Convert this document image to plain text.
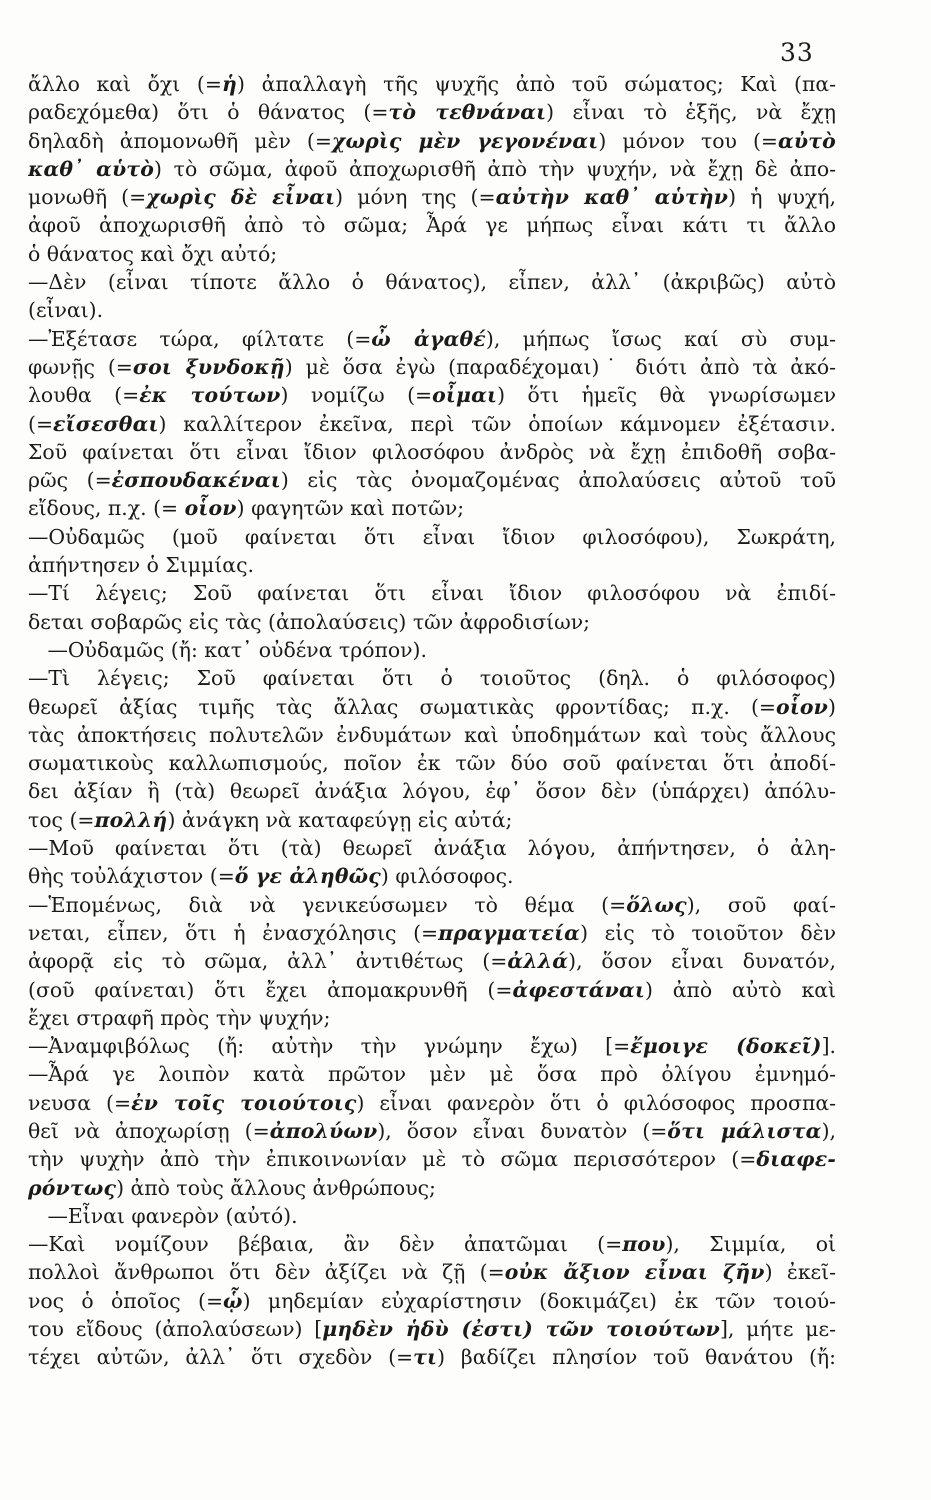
33
ἄλλο καὶ ὄχι (=ἡ) ἀπαλλαγὴ τῆς ψυχῆς ἀπὸ τοῦ σώματος; Καὶ (πα-
ραδεχόμεθα) ὅτι ὁ θάνατος (=τὸ τεθνάναι) εἶναι τὸ ἑξῆς, νὰ ἔχῃ
δηλαδὴ ἀπομονωθῆ μὲν (=χωρὶς μὲν γεγονέναι) μόνον του (=αὐτὸ
καθ᾽ αὑτὸ) τὸ σῶμα, ἀφοῦ ἀποχωρισθῆ ἀπὸ τὴν ψυχήν, νὰ ἔχῃ δὲ ἀπο-
μονωθῆ (=χωρὶς δὲ εἶναι) μόνη της (=αὐτὴν καθ᾽ αὑτὴν) ἡ ψυχή,
ἀφοῦ ἀποχωρισθῆ ἀπὸ τὸ σῶμα; Ἆρά γε μήπως εἶναι κάτι τι ἄλλο
ὁ θάνατος καὶ ὄχι αὐτό;
—Δὲν (εἶναι τίποτε ἄλλο ὁ θάνατος), εἶπεν, ἀλλ᾽ (ἀκριβῶς) αὐτὸ
(εἶναι).
—Ἐξέτασε τώρα, φίλτατε (=ὦ ἀγαθέ), μήπως ἴσως καί σὺ συμ-
φωνῇς (=σοι ξυνδοκῇ) μὲ ὅσα ἐγὼ (παραδέχομαι)˙ διότι ἀπὸ τὰ ἀκό-
λουθα (=ἐκ τούτων) νομίζω (=οἶμαι) ὅτι ἡμεῖς θὰ γνωρίσωμεν
(=εἴσεσθαι) καλλίτερον ἐκεῖνα, περὶ τῶν ὁποίων κάμνομεν ἐξέτασιν.
Σοῦ φαίνεται ὅτι εἶναι ἴδιον φιλοσόφου ἀνδρὸς νὰ ἔχῃ ἐπιδοθῆ σοβα-
ρῶς (=ἐσπουδακέναι) εἰς τὰς ὀνομαζομένας ἀπολαύσεις αὐτοῦ τοῦ
εἴδους, π.χ. (= οἷον) φαγητῶν καὶ ποτῶν;
—Οὐδαμῶς (μοῦ φαίνεται ὅτι εἶναι ἴδιον φιλοσόφου), Σωκράτη,
ἀπήντησεν ὁ Σιμμίας.
—Τί λέγεις; Σοῦ φαίνεται ὅτι εἶναι ἴδιον φιλοσόφου νὰ ἐπιδί-
δεται σοβαρῶς εἰς τὰς (ἀπολαύσεις) τῶν ἀφροδισίων;
—Οὐδαμῶς (ἤ: κατ᾽ οὐδένα τρόπον).
—Τὶ λέγεις; Σοῦ φαίνεται ὅτι ὁ τοιοῦτος (δηλ. ὁ φιλόσοφος)
θεωρεῖ ἀξίας τιμῆς τὰς ἄλλας σωματικὰς φροντίδας; π.χ. (=οἷον)
τὰς ἀποκτήσεις πολυτελῶν ἐνδυμάτων καὶ ὑποδημάτων καὶ τοὺς ἄλλους
σωματικοὺς καλλωπισμούς, ποῖον ἐκ τῶν δύο σοῦ φαίνεται ὅτι ἀποδί-
δει ἀξίαν ἢ (τὰ) θεωρεῖ ἀνάξια λόγου, ἐφ᾽ ὅσον δὲν (ὑπάρχει) ἀπόλυ-
τος (=πολλή) ἀνάγκη νὰ καταφεύγῃ εἰς αὐτά;
—Μοῦ φαίνεται ὅτι (τὰ) θεωρεῖ ἀνάξια λόγου, ἀπήντησεν, ὁ ἀλη-
θὴς τοὐλάχιστον (=ὅ γε ἀληθῶς) φιλόσοφος.
—Ἑπομένως, διὰ νὰ γενικεύσωμεν τὸ θέμα (=ὅλως), σοῦ φαί-
νεται, εἶπεν, ὅτι ἡ ἐνασχόλησις (=πραγματεία) εἰς τὸ τοιοῦτον δὲν
ἀφορᾷ εἰς τὸ σῶμα, ἀλλ᾽ ἀντιθέτως (=ἀλλά), ὅσον εἶναι δυνατόν,
(σοῦ φαίνεται) ὅτι ἔχει ἀπομακρυνθῆ (=ἀφεστάναι) ἀπὸ αὐτὸ καὶ
ἔχει στραφῆ πρὸς τὴν ψυχήν;
—Ἀναμφιβόλως (ἤ: αὐτὴν τὴν γνώμην ἔχω) [=ἔμοιγε (δοκεῖ)].
—Ἆρά γε λοιπὸν κατὰ πρῶτον μὲν μὲ ὅσα πρὸ ὀλίγου ἐμνημό-
νευσα (=ἐν τοῖς τοιούτοις) εἶναι φανερὸν ὅτι ὁ φιλόσοφος προσπα-
θεῖ νὰ ἀποχωρίσῃ (=ἀπολύων), ὅσον εἶναι δυνατὸν (=ὅτι μάλιστα),
τὴν ψυχὴν ἀπὸ τὴν ἐπικοινωνίαν μὲ τὸ σῶμα περισσότερον (=διαφε-
ρόντως) ἀπὸ τοὺς ἄλλους ἀνθρώπους;
—Εἶναι φανερὸν (αὐτό).
—Καὶ νομίζουν βέβαια, ἂν δὲν ἀπατῶμαι (=που), Σιμμία, οἱ
πολλοὶ ἄνθρωποι ὅτι δὲν ἀξίζει νὰ ζῇ (=οὐκ ἄξιον εἶναι ζῆν) ἐκεῖ-
νος ὁ ὁποῖος (=ᾧ) μηδεμίαν εὐχαρίστησιν (δοκιμάζει) ἐκ τῶν τοιού-
του εἴδους (ἀπολαύσεων) [μηδὲν ἡδὺ (ἐστι) τῶν τοιούτων], μήτε με-
τέχει αὐτῶν, ἀλλ᾽ ὅτι σχεδὸν (=τι) βαδίζει πλησίον τοῦ θανάτου (ἤ:
